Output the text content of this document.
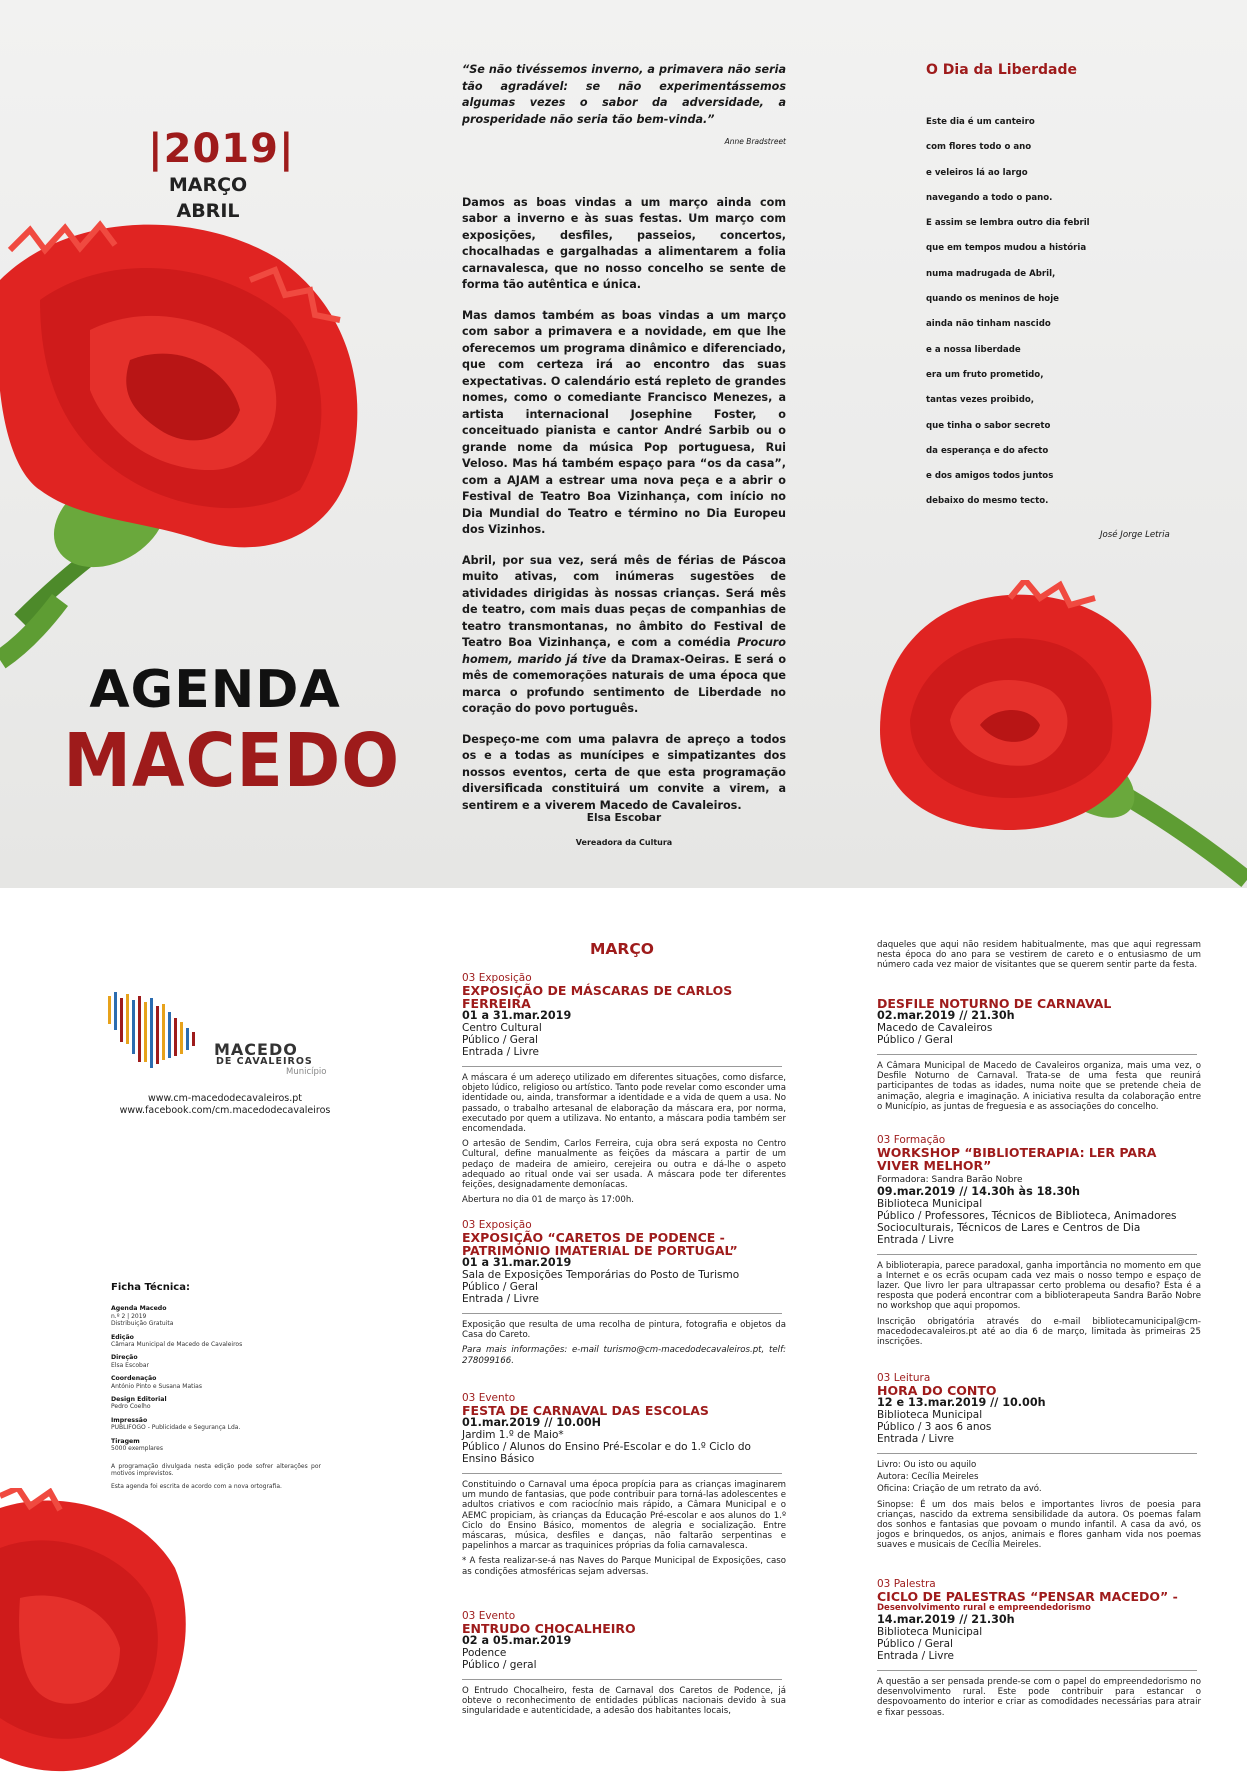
|2019|
MARÇO
ABRIL
AGENDA
MACEDO

“Se não tivéssemos inverno, a primavera não seria tão agradável: se não experimentássemos algumas vezes o sabor da adversidade, a prosperidade não seria tão bem-vinda.”

Anne Bradstreet

Damos as boas vindas a um março ainda com sabor a inverno e às suas festas. Um março com exposições, desfiles, passeios, concertos, chocalhadas e gargalhadas a alimentarem a folia carnavalesca, que no nosso concelho se sente de forma tão autêntica e única.

Mas damos também as boas vindas a um março com sabor a primavera e a novidade, em que lhe oferecemos um programa dinâmico e diferenciado, que com certeza irá ao encontro das suas expectativas. O calendário está repleto de grandes nomes, como o comediante Francisco Menezes, a artista internacional Josephine Foster, o conceituado pianista e cantor André Sarbib ou o grande nome da música Pop portuguesa, Rui Veloso. Mas há também espaço para “os da casa”, com a AJAM a estrear uma nova peça e a abrir o Festival de Teatro Boa Vizinhança, com início no Dia Mundial do Teatro e término no Dia Europeu dos Vizinhos.

Abril, por sua vez, será mês de férias de Páscoa muito ativas, com inúmeras sugestões de atividades dirigidas às nossas crianças. Será mês de teatro, com mais duas peças de companhias de teatro transmontanas, no âmbito do Festival de Teatro Boa Vizinhança, e com a comédia Procuro homem, marido já tive da Dramax-Oeiras. E será o mês de comemorações naturais de uma época que marca o profundo sentimento de Liberdade no coração do povo português.

Despeço-me com uma palavra de apreço a todos os e a todas as munícipes e simpatizantes dos nossos eventos, certa de que esta programação diversificada constituirá um convite a virem, a sentirem e a viverem Macedo de Cavaleiros.

Elsa Escobar
Vereadora da Cultura
O Dia da Liberdade
Este dia é um canteiro
com flores todo o ano
e veleiros lá ao largo
navegando a todo o pano.
E assim se lembra outro dia febril
que em tempos mudou a história
numa madrugada de Abril,
quando os meninos de hoje
ainda não tinham nascido
e a nossa liberdade
era um fruto prometido,
tantas vezes proibido,
que tinha o sabor secreto
da esperança e do afecto
e dos amigos todos juntos
debaixo do mesmo tecto.
José Jorge Letria
MACEDO
DE CAVALEIROS
Município
www.cm-macedodecavaleiros.pt
www.facebook.com/cm.macedodecavaleiros
Ficha Técnica:
Agenda Macedo
n.º 2 | 2019
Distribuição Gratuita
Edição
Câmara Municipal de Macedo de Cavaleiros
Direção
Elsa Escobar
Coordenação
António Pinto e Susana Matias
Design Editorial
Pedro Coelho
Impressão
PUBLIFOGO - Publicidade e Segurança Lda.
Tiragem
5000 exemplares
A programação divulgada nesta edição pode sofrer alterações por motivos imprevistos.
Esta agenda foi escrita de acordo com a nova ortografia.
MARÇO
03 Exposição
EXPOSIÇÃO DE MÁSCARAS DE CARLOS FERREIRA
01 a 31.mar.2019
Centro Cultural
Público / Geral
Entrada / Livre

A máscara é um adereço utilizado em diferentes situações, como disfarce, objeto lúdico, religioso ou artístico. Tanto pode revelar como esconder uma identidade ou, ainda, transformar a identidade e a vida de quem a usa. No passado, o trabalho artesanal de elaboração da máscara era, por norma, executado por quem a utilizava. No entanto, a máscara podia também ser encomendada.

O artesão de Sendim, Carlos Ferreira, cuja obra será exposta no Centro Cultural, define manualmente as feições da máscara a partir de um pedaço de madeira de amieiro, cerejeira ou outra e dá-lhe o aspeto adequado ao ritual onde vai ser usada. A máscara pode ter diferentes feições, designadamente demoníacas.

Abertura no dia 01 de março às 17:00h.

03 Exposição
EXPOSIÇÃO “CARETOS DE PODENCE - PATRIMÓNIO IMATERIAL DE PORTUGAL”
01 a 31.mar.2019
Sala de Exposições Temporárias do Posto de Turismo
Público / Geral
Entrada / Livre

Exposição que resulta de uma recolha de pintura, fotografia e objetos da Casa do Careto.

Para mais informações: e-mail turismo@cm-macedodecavaleiros.pt, telf: 278099166.

03 Evento
FESTA DE CARNAVAL DAS ESCOLAS
01.mar.2019 // 10.00H
Jardim 1.º de Maio*
Público / Alunos do Ensino Pré-Escolar e do 1.º Ciclo do Ensino Básico

Constituindo o Carnaval uma época propícia para as crianças imaginarem um mundo de fantasias, que pode contribuir para torná-las adolescentes e adultos criativos e com raciocínio mais rápido, a Câmara Municipal e o AEMC propiciam, às crianças da Educação Pré-escolar e aos alunos do 1.º Ciclo do Ensino Básico, momentos de alegria e socialização. Entre máscaras, música, desfiles e danças, não faltarão serpentinas e papelinhos a marcar as traquinices próprias da folia carnavalesca.

* A festa realizar-se-á nas Naves do Parque Municipal de Exposições, caso as condições atmosféricas sejam adversas.

03 Evento
ENTRUDO CHOCALHEIRO
02 a 05.mar.2019
Podence
Público / geral
O Entrudo Chocalheiro, festa de Carnaval dos Caretos de Podence, já obteve o reconhecimento de entidades públicas nacionais devido à sua singularidade e autenticidade, a adesão dos habitantes locais,
daqueles que aqui não residem habitualmente, mas que aqui regressam nesta época do ano para se vestirem de careto e o entusiasmo de um número cada vez maior de visitantes que se querem sentir parte da festa.
DESFILE NOTURNO DE CARNAVAL
02.mar.2019 // 21.30h
Macedo de Cavaleiros
Público / Geral
A Câmara Municipal de Macedo de Cavaleiros organiza, mais uma vez, o Desfile Noturno de Carnaval. Trata-se de uma festa que reunirá participantes de todas as idades, numa noite que se pretende cheia de animação, alegria e imaginação. A iniciativa resulta da colaboração entre o Município, as juntas de freguesia e as associações do concelho.
03 Formação
WORKSHOP “BIBLIOTERAPIA: LER PARA VIVER MELHOR”
Formadora: Sandra Barão Nobre
09.mar.2019 // 14.30h às 18.30h
Biblioteca Municipal
Público / Professores, Técnicos de Biblioteca, Animadores Socioculturais, Técnicos de Lares e Centros de Dia
Entrada / Livre

A biblioterapia, parece paradoxal, ganha importância no momento em que a Internet e os ecrãs ocupam cada vez mais o nosso tempo e espaço de lazer. Que livro ler para ultrapassar certo problema ou desafio? Esta é a resposta que poderá encontrar com a biblioterapeuta Sandra Barão Nobre no workshop que aqui propomos.

Inscrição obrigatória através do e-mail bibliotecamunicipal@cm-macedodecavaleiros.pt até ao dia 6 de março, limitada às primeiras 25 inscrições.

03 Leitura
HORA DO CONTO
12 e 13.mar.2019 // 10.00h
Biblioteca Municipal
Público / 3 aos 6 anos
Entrada / Livre

Livro: Ou isto ou aquilo

Autora: Cecília Meireles

Oficina: Criação de um retrato da avó.

Sinopse: É um dos mais belos e importantes livros de poesia para crianças, nascido da extrema sensibilidade da autora. Os poemas falam dos sonhos e fantasias que povoam o mundo infantil. A casa da avó, os jogos e brinquedos, os anjos, animais e flores ganham vida nos poemas suaves e musicais de Cecília Meireles.

03 Palestra
CICLO DE PALESTRAS “PENSAR MACEDO” -
Desenvolvimento rural e empreendedorismo
14.mar.2019 // 21.30h
Biblioteca Municipal
Público / Geral
Entrada / Livre
A questão a ser pensada prende-se com o papel do empreendedorismo no desenvolvimento rural. Este pode contribuir para estancar o despovoamento do interior e criar as comodidades necessárias para atrair e fixar pessoas.
